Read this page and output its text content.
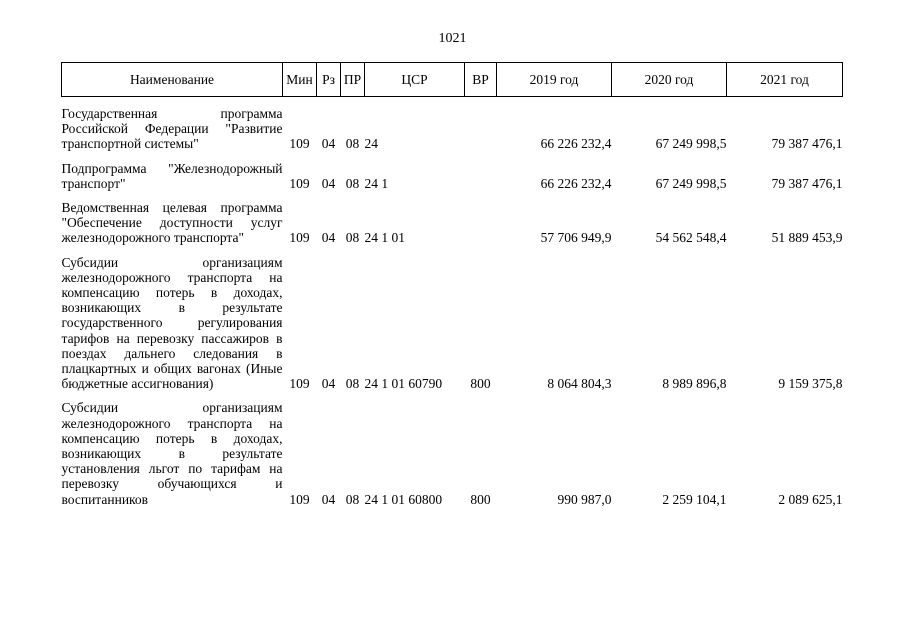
1021
Наименование	Мин	Рз	ПР	ЦСР	ВР	2019 год	2020 год	2021 год

Государственная программа Российской Федерации "Развитие транспортной системы"	109	04	08	24		66 226 232,4	67 249 998,5	79 387 476,1

Подпрограмма "Железнодорожный транспорт"	109	04	08	24 1		66 226 232,4	67 249 998,5	79 387 476,1

Ведомственная целевая программа "Обеспечение доступности услуг железнодорожного транспорта"	109	04	08	24 1 01		57 706 949,9	54 562 548,4	51 889 453,9

Субсидии организациям железнодорожного транспорта на компенсацию потерь в доходах, возникающих в результате государственного регулирования тарифов на перевозку пассажиров в поездах дальнего следования в плацкартных и общих вагонах (Иные бюджетные ассигнования)	109	04	08	24 1 01 60790	800	8 064 804,3	8 989 896,8	9 159 375,8

Субсидии организациям железнодорожного транспорта на компенсацию потерь в доходах, возникающих в результате установления льгот по тарифам на перевозку обучающихся и воспитанников	109	04	08	24 1 01 60800	800	990 987,0	2 259 104,1	2 089 625,1
